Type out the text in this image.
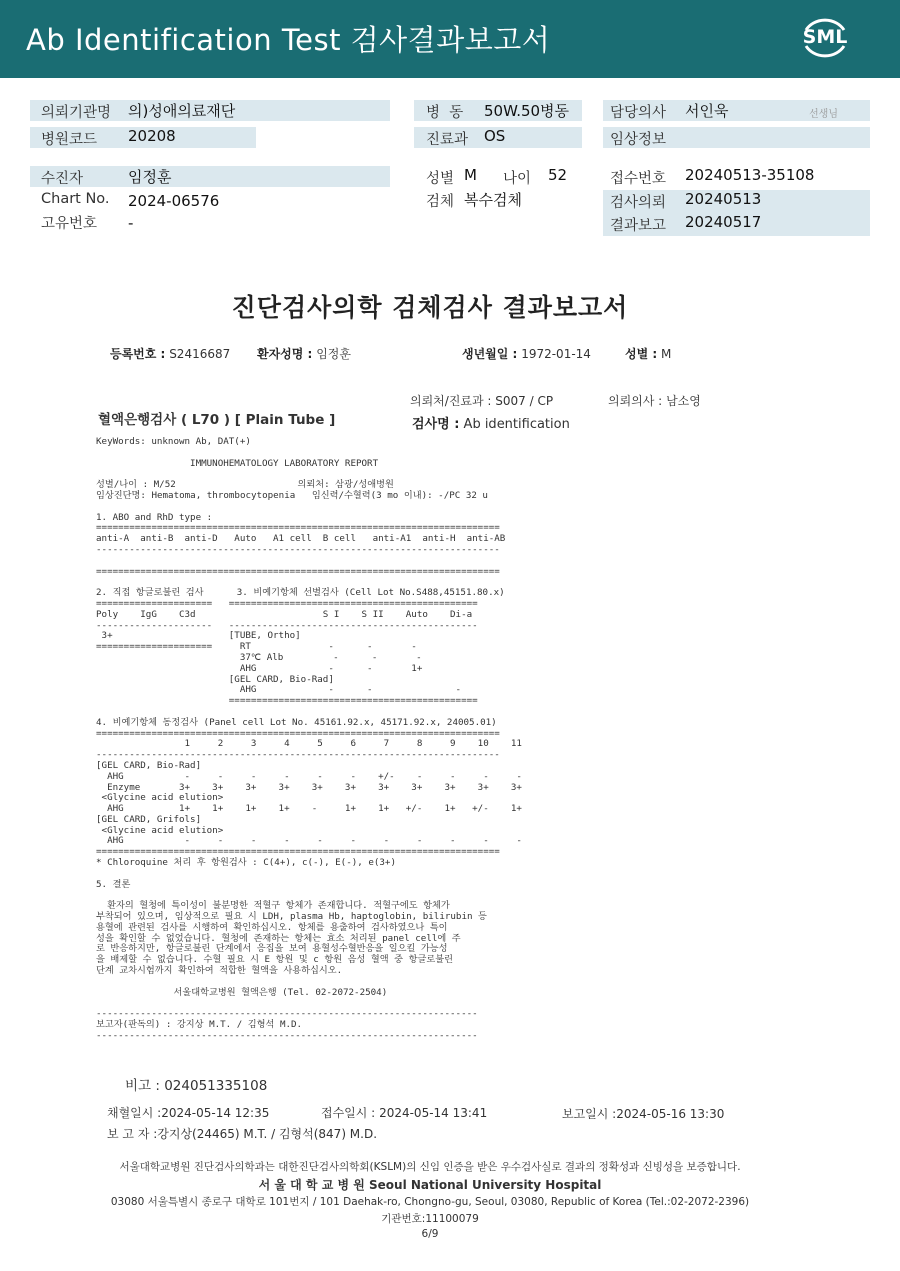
Ab Identification Test 검사결과보고서	SML
의뢰기관명 의)성애의료재단
병원코드 20208
병  동 50W.50병동
진료과 OS
담당의사 서인욱	선생님
임상정보
수진자	임정훈
Chart No. 2024-06576
고유번호 -
성별 M 나이 52
검체 복수검체
접수번호 20240513-35108
검사의뢰 20240513
결과보고 20240517
진단검사의학 검체검사 결과보고서
등록번호 : S2416687 환자성명 : 임정훈	생년월일 : 1972-01-14	성별 : M
의뢰처/진료과 : S007 / CP	의뢰의사 : 남소영
혈액은행검사 ( L70 ) [ Plain Tube ]	검사명 : Ab identification
KeyWords: unknown Ab, DAT(+)

IMMUNOHEMATOLOGY LABORATORY REPORT

성별/나이 : M/52                      의뢰처: 삼광/성애병원
임상진단명: Hematoma, thrombocytopenia   임신력/수혈력(3 mo 이내): -/PC 32 u

1. ABO and RhD type :
=========================================================================
anti-A  anti-B  anti-D   Auto   A1 cell  B cell   anti-A1  anti-H  anti-AB
-------------------------------------------------------------------------

=========================================================================

2. 직접 항글로불린 검사      3. 비예기항체 선별검사 (Cell Lot No.S488,45151.80.x)
=====================   =============================================
Poly    IgG    C3d                       S I    S II    Auto    Di-a
---------------------   ---------------------------------------------
3+                     [TUBE, Ortho]
=====================     RT              -      -       -
37℃ Alb         -      -       -
AHG             -      -       1+
[GEL CARD, Bio-Rad]
AHG             -      -               -
=============================================

4. 비예기항체 동정검사 (Panel cell Lot No. 45161.92.x, 45171.92.x, 24005.01)
=========================================================================
1     2     3     4     5     6     7     8     9    10    11
-------------------------------------------------------------------------
[GEL CARD, Bio-Rad]
AHG           -     -     -     -     -     -    +/-    -     -     -     -
Enzyme       3+    3+    3+    3+    3+    3+    3+    3+    3+    3+    3+
<Glycine acid elution>
AHG          1+    1+    1+    1+    -     1+    1+   +/-    1+   +/-    1+
[GEL CARD, Grifols]
<Glycine acid elution>
AHG           -     -     -     -     -     -     -     -     -     -     -
=========================================================================
* Chloroquine 처리 후 항원검사 : C(4+), c(-), E(-), e(3+)

5. 결론

환자의 혈청에 특이성이 불분명한 적혈구 항체가 존재합니다. 적혈구에도 항체가
부착되어 있으며, 임상적으로 필요 시 LDH, plasma Hb, haptoglobin, bilirubin 등
용혈에 관련된 검사를 시행하여 확인하십시오. 항체를 용출하여 검사하였으나 특이
성을 확인할 수 없었습니다. 혈청에 존재하는 항체는 효소 처리된 panel cell에 주
로 반응하지만, 항글로불린 단계에서 응집을 보여 용혈성수혈반응을 일으킬 가능성
을 배제할 수 없습니다. 수혈 필요 시 E 항원 및 c 항원 음성 혈액 중 항글로불린
단계 교차시험까지 확인하여 적합한 혈액을 사용하십시오.

서울대학교병원 혈액은행 (Tel. 02-2072-2504)

---------------------------------------------------------------------
보고자(판독의) : 강지상 M.T. / 김형석 M.D.
---------------------------------------------------------------------
비고 : 024051335108
채혈일시 :2024-05-14 12:35	접수일시 : 2024-05-14 13:41	보고일시 :2024-05-16 13:30
보 고 자 :강지상(24465) M.T. / 김형석(847) M.D.
서울대학교병원 진단검사의학과는 대한진단검사의학회(KSLM)의 신임 인증을 받은 우수검사실로 결과의 정확성과 신빙성을 보증합니다.
서 울 대 학 교 병 원 Seoul National University Hospital
03080 서울특별시 종로구 대학로 101번지 / 101 Daehak-ro, Chongno-gu, Seoul, 03080, Republic of Korea (Tel.:02-2072-2396)
기관번호:11100079
6/9
